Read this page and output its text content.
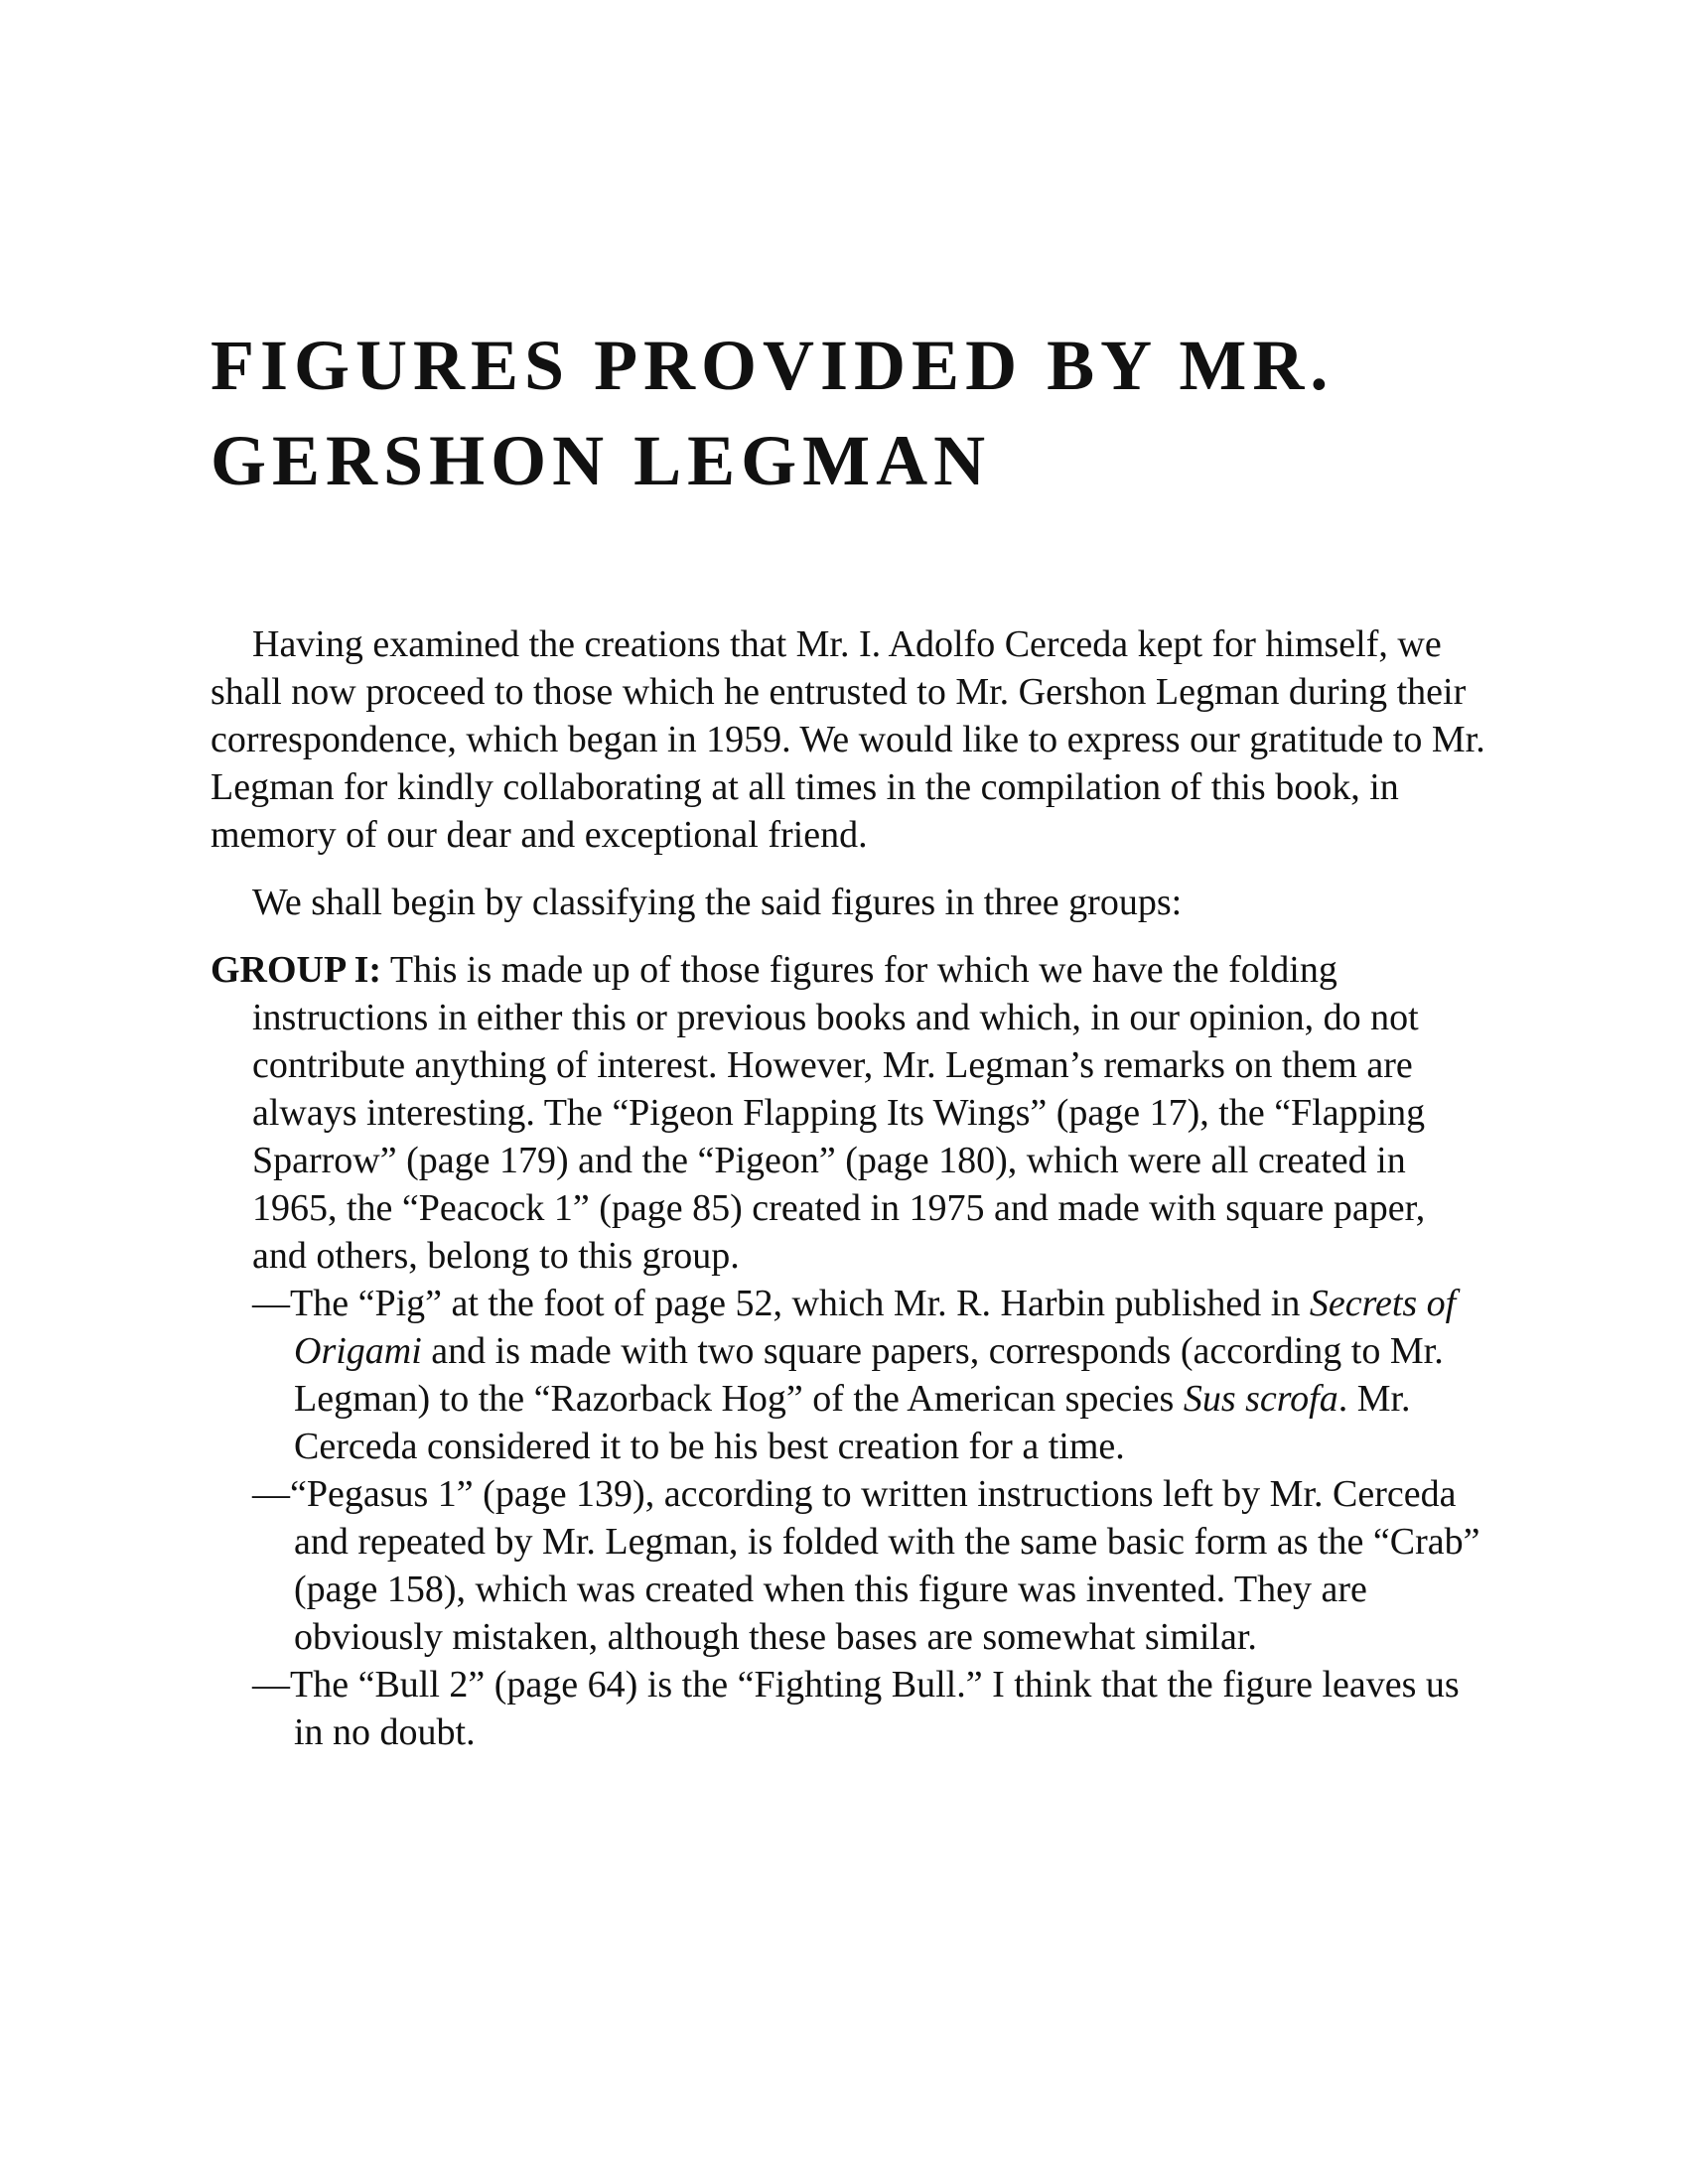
FIGURES PROVIDED BY MR. GERSHON LEGMAN

Having examined the creations that Mr. I. Adolfo Cerceda kept for himself, we shall now proceed to those which he entrusted to Mr. Gershon Legman during their correspondence, which began in 1959. We would like to express our gratitude to Mr. Legman for kindly collaborating at all times in the compilation of this book, in memory of our dear and exceptional friend.

We shall begin by classifying the said figures in three groups:

GROUP I: This is made up of those figures for which we have the folding instructions in either this or previous books and which, in our opinion, do not contribute anything of interest. However, Mr. Legman’s remarks on them are always interesting. The “Pigeon Flapping Its Wings” (page 17), the “Flapping Sparrow” (page 179) and the “Pigeon” (page 180), which were all created in 1965, the “Peacock 1” (page 85) created in 1975 and made with square paper, and others, belong to this group.

—The “Pig” at the foot of page 52, which Mr. R. Harbin published in Secrets of Origami and is made with two square papers, corresponds (according to Mr. Legman) to the “Razorback Hog” of the American species Sus scrofa. Mr. Cerceda considered it to be his best creation for a time.

—“Pegasus 1” (page 139), according to written instructions left by Mr. Cerceda and repeated by Mr. Legman, is folded with the same basic form as the “Crab” (page 158), which was created when this figure was invented. They are obviously mistaken, although these bases are somewhat similar.

—The “Bull 2” (page 64) is the “Fighting Bull.” I think that the figure leaves us in no doubt.
